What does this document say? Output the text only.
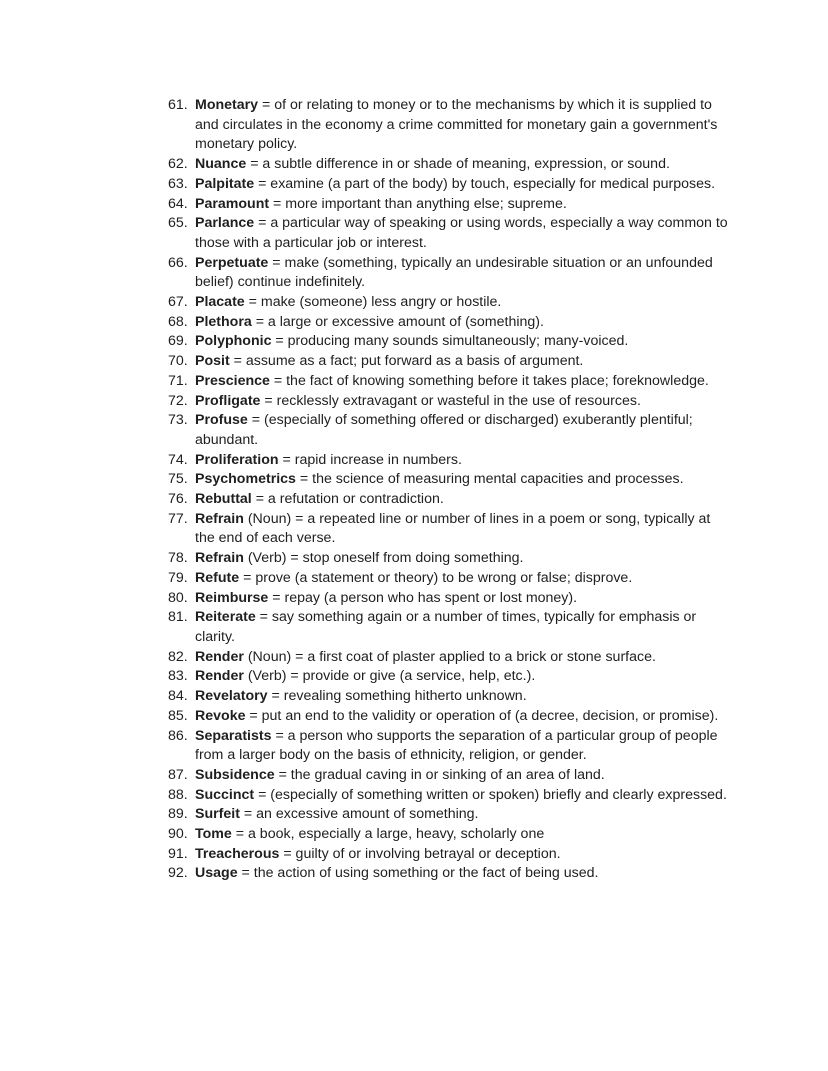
61. Monetary = of or relating to money or to the mechanisms by which it is supplied to and circulates in the economy a crime committed for monetary gain a government's monetary policy.
62. Nuance = a subtle difference in or shade of meaning, expression, or sound.
63. Palpitate = examine (a part of the body) by touch, especially for medical purposes.
64. Paramount = more important than anything else; supreme.
65. Parlance = a particular way of speaking or using words, especially a way common to those with a particular job or interest.
66. Perpetuate = make (something, typically an undesirable situation or an unfounded belief) continue indefinitely.
67. Placate = make (someone) less angry or hostile.
68. Plethora = a large or excessive amount of (something).
69. Polyphonic = producing many sounds simultaneously; many-voiced.
70. Posit = assume as a fact; put forward as a basis of argument.
71. Prescience = the fact of knowing something before it takes place; foreknowledge.
72. Profligate = recklessly extravagant or wasteful in the use of resources.
73. Profuse = (especially of something offered or discharged) exuberantly plentiful; abundant.
74. Proliferation = rapid increase in numbers.
75. Psychometrics = the science of measuring mental capacities and processes.
76. Rebuttal = a refutation or contradiction.
77. Refrain (Noun) = a repeated line or number of lines in a poem or song, typically at the end of each verse.
78. Refrain (Verb) = stop oneself from doing something.
79. Refute = prove (a statement or theory) to be wrong or false; disprove.
80. Reimburse = repay (a person who has spent or lost money).
81. Reiterate = say something again or a number of times, typically for emphasis or clarity.
82. Render (Noun) = a first coat of plaster applied to a brick or stone surface.
83. Render (Verb) = provide or give (a service, help, etc.).
84. Revelatory = revealing something hitherto unknown.
85. Revoke = put an end to the validity or operation of (a decree, decision, or promise).
86. Separatists = a person who supports the separation of a particular group of people from a larger body on the basis of ethnicity, religion, or gender.
87. Subsidence = the gradual caving in or sinking of an area of land.
88. Succinct = (especially of something written or spoken) briefly and clearly expressed.
89. Surfeit = an excessive amount of something.
90. Tome = a book, especially a large, heavy, scholarly one
91. Treacherous = guilty of or involving betrayal or deception.
92. Usage = the action of using something or the fact of being used.
